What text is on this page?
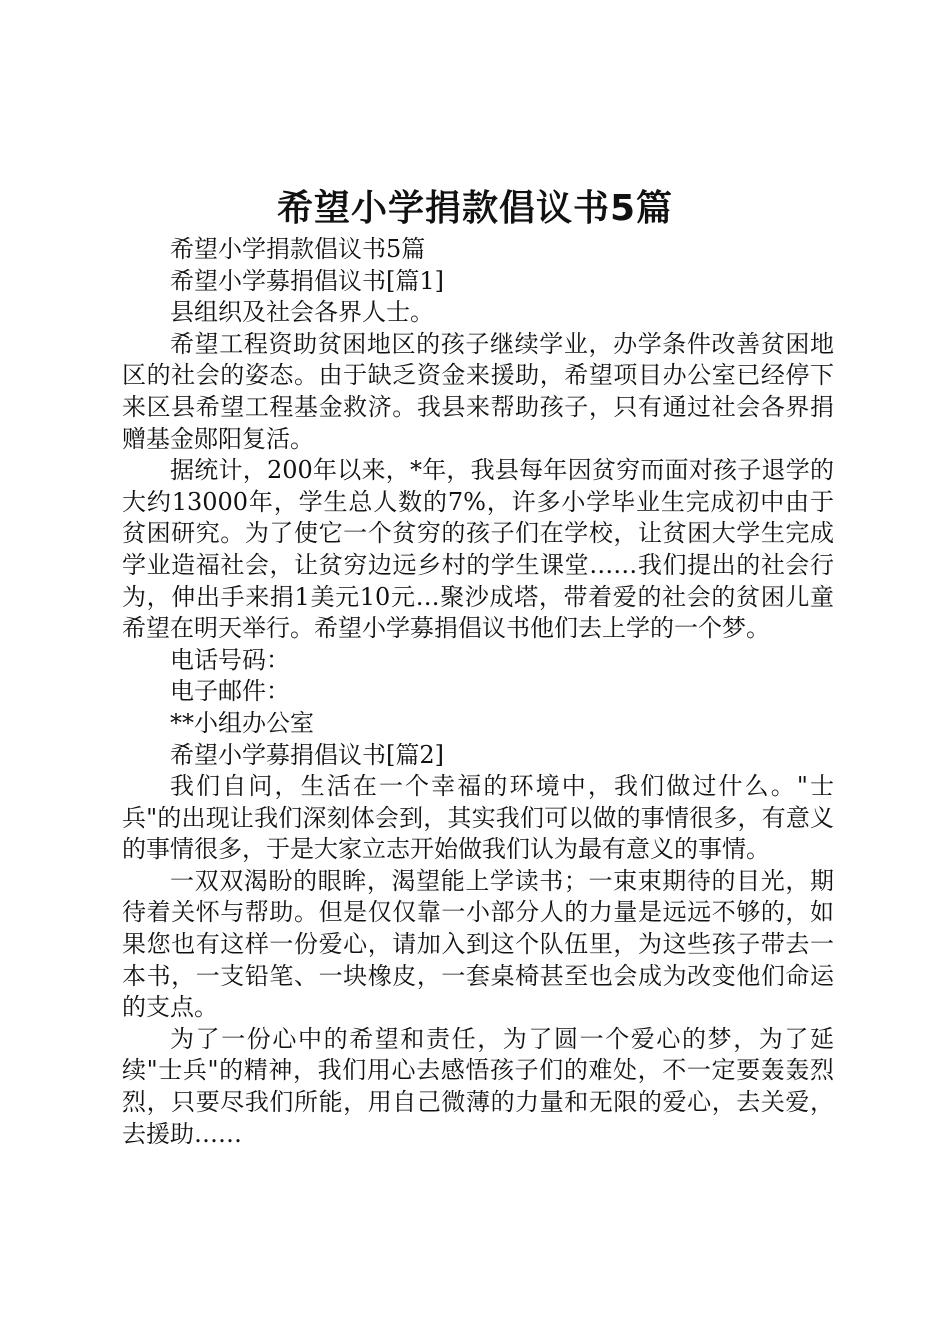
希望小学捐款倡议书5篇

希望小学捐款倡议书5篇

希望小学募捐倡议书[篇1]

县组织及社会各界人士。

希望工程资助贫困地区的孩子继续学业，办学条件改善贫困地区的社会的姿态。由于缺乏资金来援助，希望项目办公室已经停下来区县希望工程基金救济。我县来帮助孩子，只有通过社会各界捐赠基金郧阳复活。

据统计，200年以来，*年，我县每年因贫穷而面对孩子退学的大约13000年，学生总人数的7%，许多小学毕业生完成初中由于贫困研究。为了使它一个贫穷的孩子们在学校，让贫困大学生完成学业造福社会，让贫穷边远乡村的学生课堂……我们提出的社会行为，伸出手来捐1美元10元…聚沙成塔，带着爱的社会的贫困儿童希望在明天举行。希望小学募捐倡议书他们去上学的一个梦。

电话号码：

电子邮件：

**小组办公室

希望小学募捐倡议书[篇2]

我们自问，生活在一个幸福的环境中，我们做过什么。"士兵"的出现让我们深刻体会到，其实我们可以做的事情很多，有意义的事情很多，于是大家立志开始做我们认为最有意义的事情。

一双双渴盼的眼眸，渴望能上学读书；一束束期待的目光，期待着关怀与帮助。但是仅仅靠一小部分人的力量是远远不够的，如果您也有这样一份爱心，请加入到这个队伍里，为这些孩子带去一本书，一支铅笔、一块橡皮，一套桌椅甚至也会成为改变他们命运的支点。

为了一份心中的希望和责任，为了圆一个爱心的梦，为了延续"士兵"的精神，我们用心去感悟孩子们的难处，不一定要轰轰烈烈，只要尽我们所能，用自己微薄的力量和无限的爱心，去关爱，去援助……
